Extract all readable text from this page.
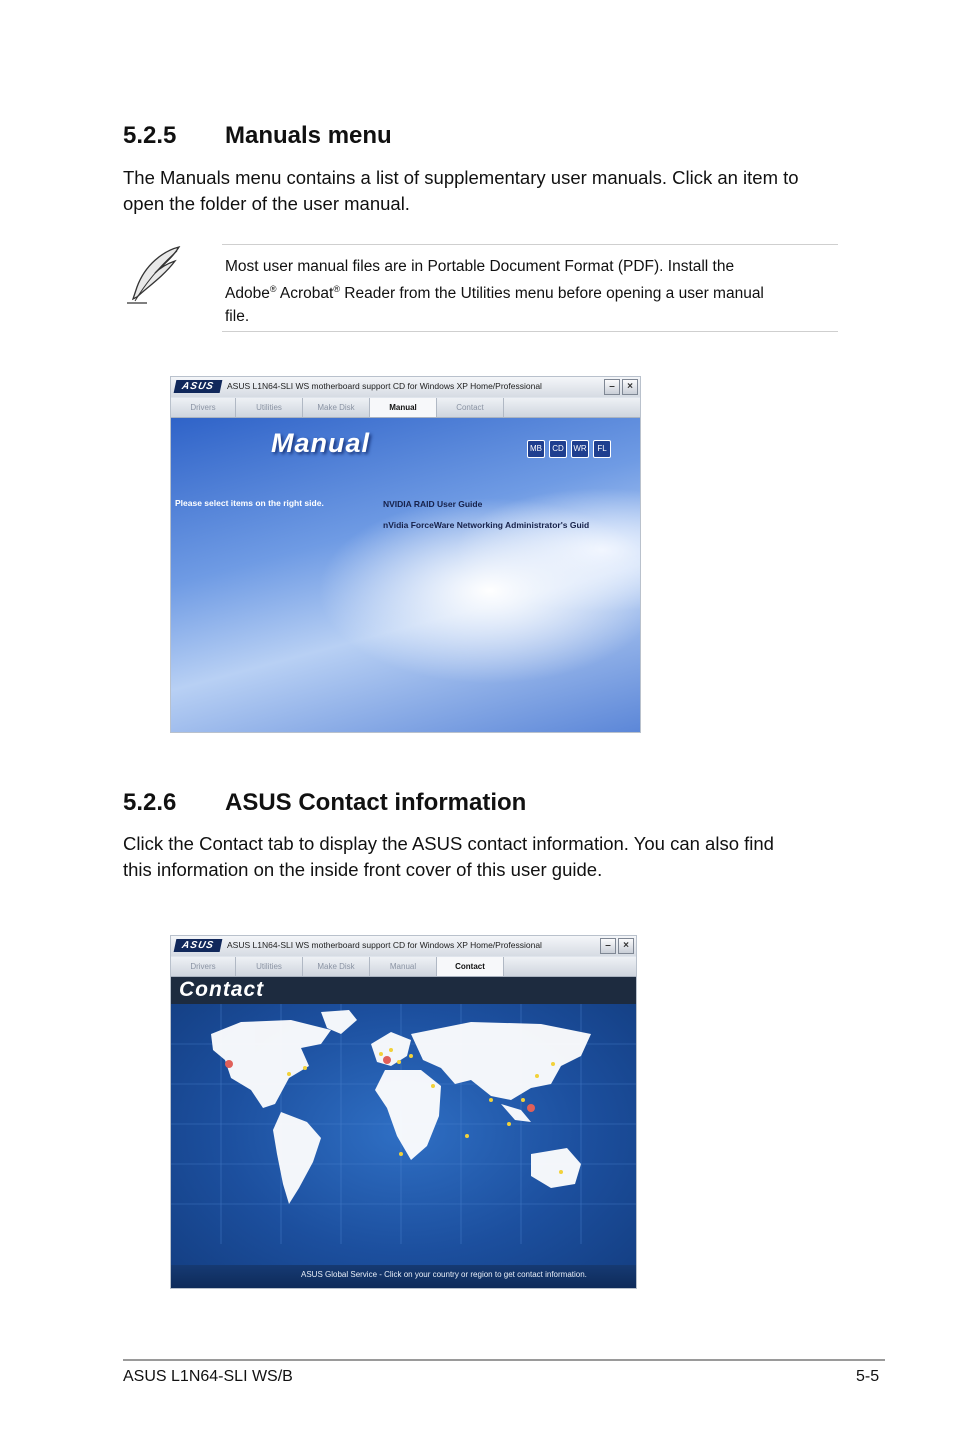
5.2.5 Manuals menu

The Manuals menu contains a list of supplementary user manuals. Click an item to
open the folder of the user manual.

Most user manual files are in Portable Document Format (PDF). Install the
Adobe® Acrobat® Reader from the Utilities menu before opening a user manual
file.

ASUS	ASUS L1N64-SLI WS motherboard support CD for Windows XP Home/Professional	–	×
Drivers	Utilities	Make Disk	Manual	Contact
Manual	MB	CD	WR	FL
Please select items on the right side.	NVIDIA RAID User Guide
nVidia ForceWare Networking Administrator's Guid
5.2.6 ASUS Contact information

Click the Contact tab to display the ASUS contact information. You can also find
this information on the inside front cover of this user guide.

ASUS	ASUS L1N64-SLI WS motherboard support CD for Windows XP Home/Professional	–	×
Drivers	Utilities	Make Disk	Manual	Contact
Contact
ASUS Global Service - Click on your country or region to get contact information.
ASUS L1N64-SLI WS/B	5-5
